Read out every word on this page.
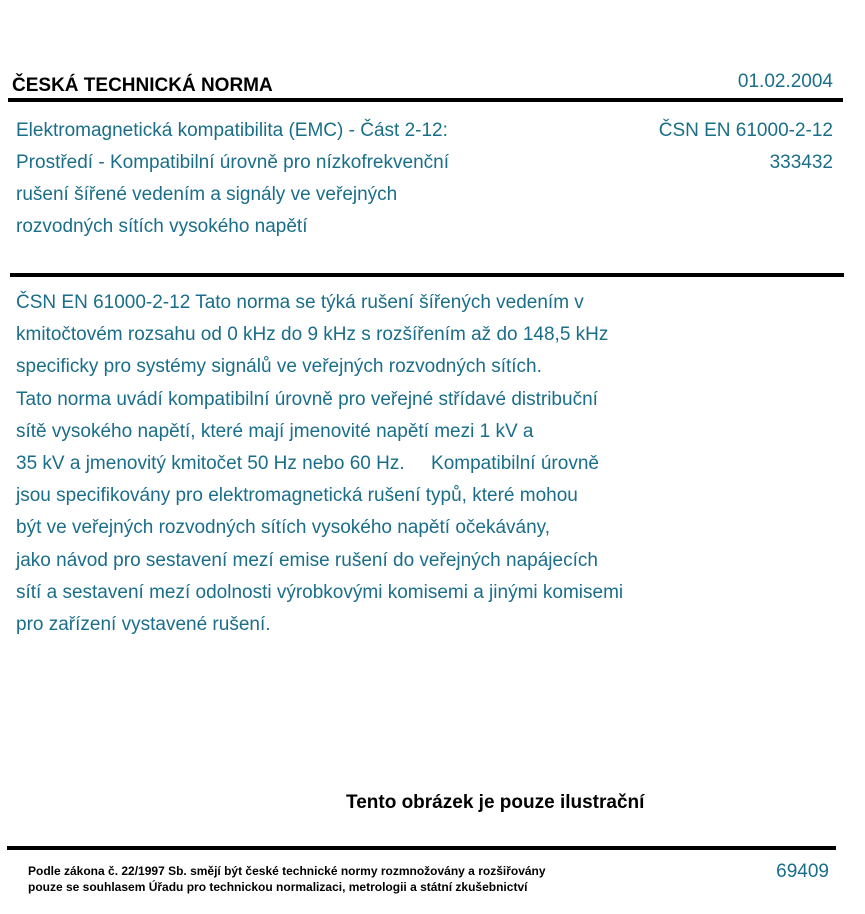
ČESKÁ TECHNICKÁ NORMA	01.02.2004
Elektromagnetická kompatibilita (EMC) - Část 2-12:
Prostředí - Kompatibilní úrovně pro nízkofrekvenční
rušení šířené vedením a signály ve veřejných
rozvodných sítích vysokého napětí
ČSN EN 61000-2-12
333432
ČSN EN 61000-2-12 Tato norma se týká rušení šířených vedením v
kmitočtovém rozsahu od 0 kHz do 9 kHz s rozšířením až do 148,5 kHz
specificky pro systémy signálů ve veřejných rozvodných sítích.
Tato norma uvádí kompatibilní úrovně pro veřejné střídavé distribuční
sítě vysokého napětí, které mají jmenovité napětí mezi 1 kV a
35 kV a jmenovitý kmitočet 50 Hz nebo 60 Hz.     Kompatibilní úrovně
jsou specifikovány pro elektromagnetická rušení typů, které mohou
být ve veřejných rozvodných sítích vysokého napětí očekávány,
jako návod pro sestavení mezí emise rušení do veřejných napájecích
sítí a sestavení mezí odolnosti výrobkovými komisemi a jinými komisemi
pro zařízení vystavené rušení.
Tento obrázek je pouze ilustrační
Podle zákona č. 22/1997 Sb. smějí být české technické normy rozmnožovány a rozšiřovány
pouze se souhlasem Úřadu pro technickou normalizaci, metrologii a státní zkušebnictví
69409
